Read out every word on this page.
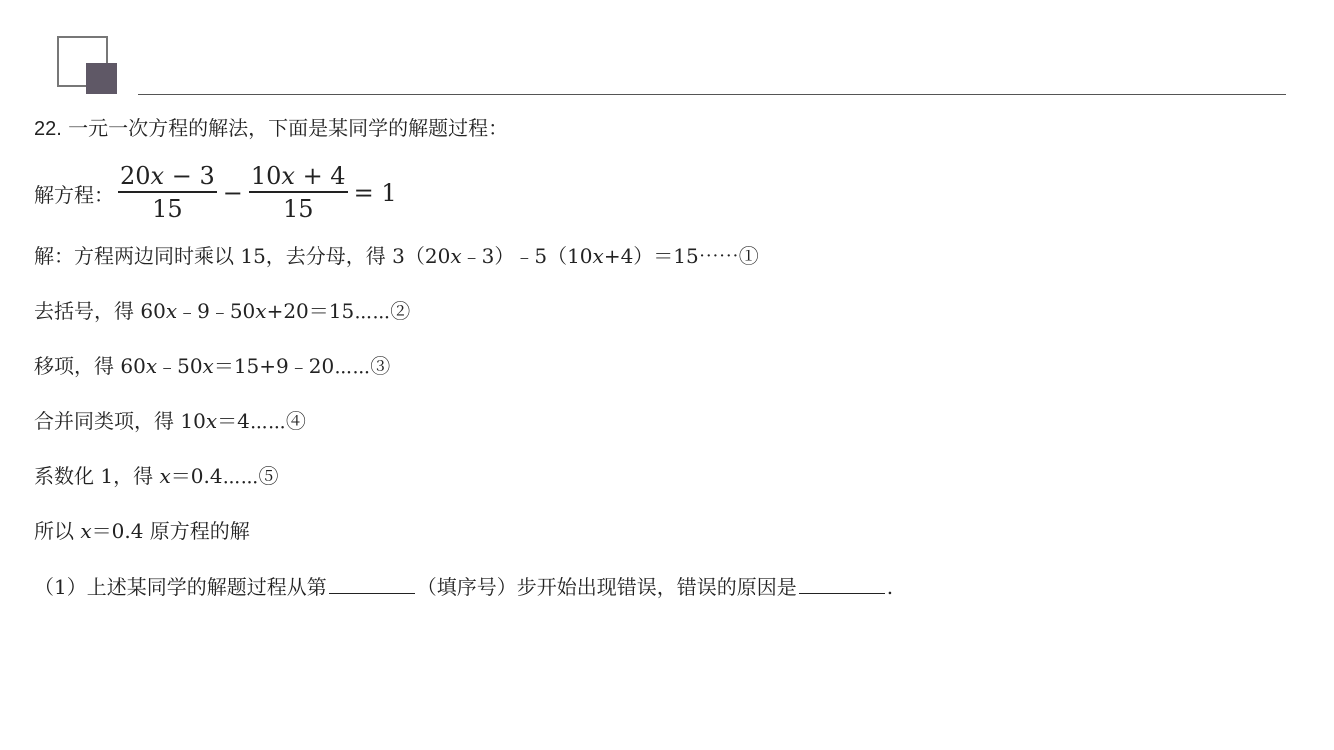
22. 一元一次方程的解法，下面是某同学的解题过程：
解方程： $\frac{20x - 3}{15} - \frac{10x + 4}{15} = 1$
解：方程两边同时乘以 15，去分母，得 3（20x﹣3）﹣5（10x+4）＝15⋯⋯①
去括号，得 60x﹣9﹣50x+20＝15⋯⋯②
移项，得 60x﹣50x＝15+9﹣20⋯⋯③
合并同类项，得 10x＝4⋯⋯④
系数化 1，得 x＝0.4⋯⋯⑤
所以 x＝0.4 原方程的解
（1）上述某同学的解题过程从第	（填序号）步开始出现错误，错误的原因是	.
